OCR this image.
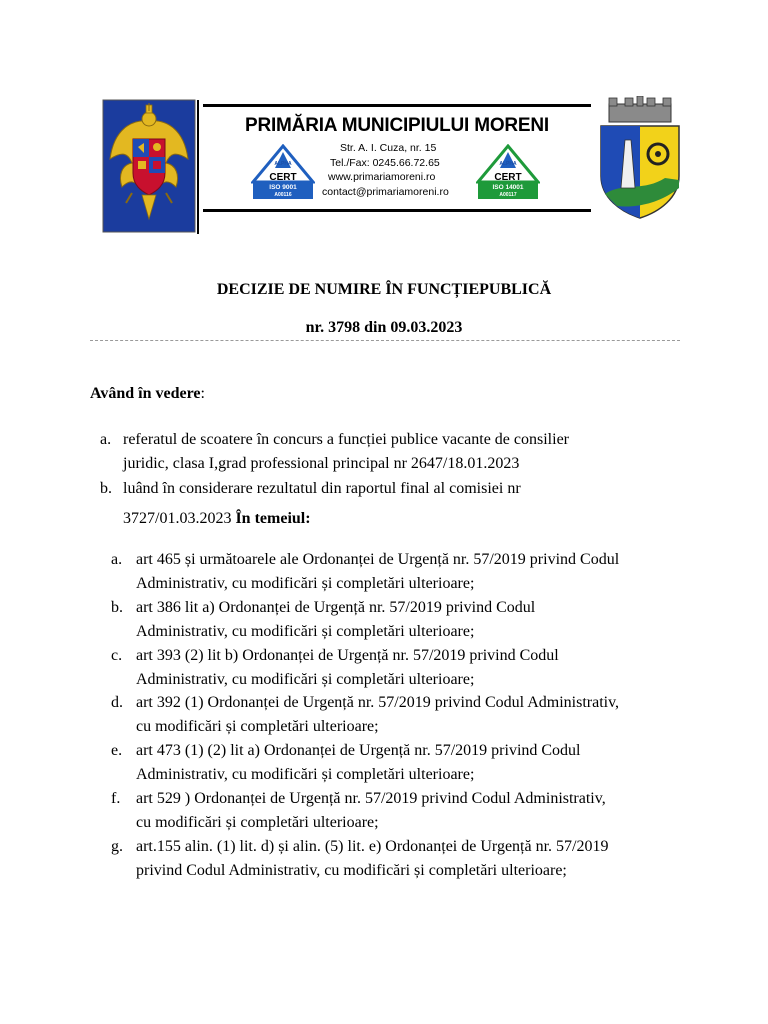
PRIMĂRIA MUNICIPIULUI MORENI
ALPHA
CERT
ISO 9001
A00116
Str. A. I. Cuza, nr. 15
Tel./Fax: 0245.66.72.65
www.primariamoreni.ro
contact@primariamoreni.ro
ALPHA
CERT
ISO 14001
A00117
DECIZIE DE NUMIRE ÎN FUNCȚIEPUBLICĂ
nr. 3798 din 09.03.2023
Având în vedere:
a. referatul de scoatere în concurs a funcției publice vacante de consilier
juridic, clasa I,grad professional principal nr 2647/18.01.2023
b. luând în considerare rezultatul din raportul final al comisiei nr
3727/01.03.2023 În temeiul:
a. art 465 și următoarele ale Ordonanței de Urgență nr. 57/2019 privind Codul
Administrativ, cu modificări și completări ulterioare;
b. art 386 lit a) Ordonanței de Urgență nr. 57/2019 privind Codul
Administrativ, cu modificări și completări ulterioare;
c. art 393 (2) lit b) Ordonanței de Urgență nr. 57/2019 privind Codul
Administrativ, cu modificări și completări ulterioare;
d. art 392 (1) Ordonanței de Urgență nr. 57/2019 privind Codul Administrativ,
cu modificări și completări ulterioare;
e. art 473 (1) (2) lit a) Ordonanței de Urgență nr. 57/2019 privind Codul
Administrativ, cu modificări și completări ulterioare;
f. art 529 ) Ordonanței de Urgență nr. 57/2019 privind Codul Administrativ,
cu modificări și completări ulterioare;
g. art.155 alin. (1) lit. d) și alin. (5) lit. e) Ordonanței de Urgență nr. 57/2019
privind Codul Administrativ, cu modificări și completări ulterioare;
